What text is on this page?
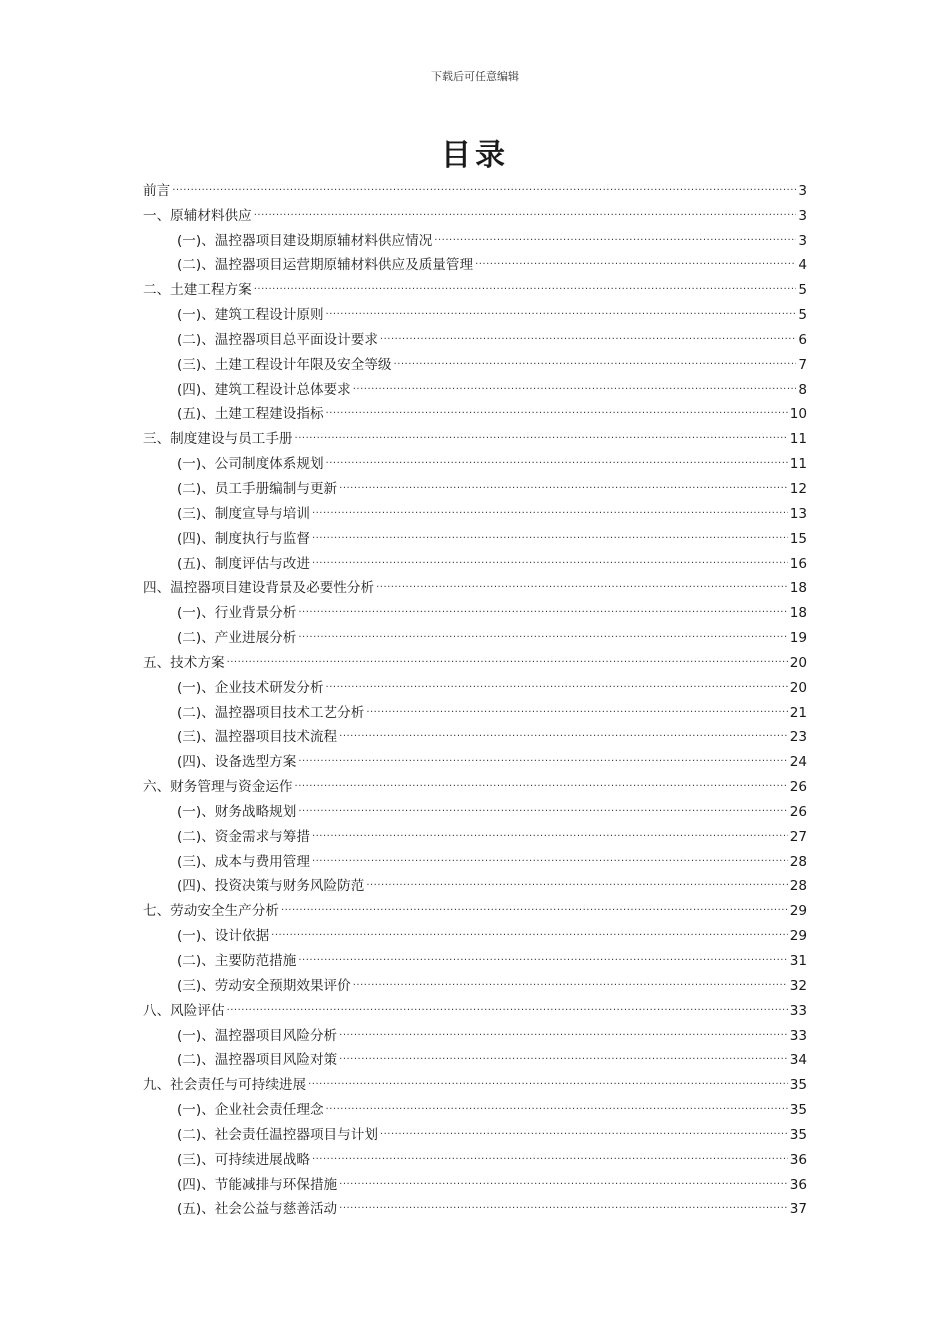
下载后可任意编辑
目录
前言 .....	3
一、原辅材料供应 .....	3
(一)、温控器项目建设期原辅材料供应情况 .....	3
(二)、温控器项目运营期原辅材料供应及质量管理 .....	4
二、土建工程方案 .....	5
(一)、建筑工程设计原则 .....	5
(二)、温控器项目总平面设计要求 .....	6
(三)、土建工程设计年限及安全等级 .....	7
(四)、建筑工程设计总体要求 .....	8
(五)、土建工程建设指标 .....	10
三、制度建设与员工手册 .....	11
(一)、公司制度体系规划 .....	11
(二)、员工手册编制与更新 .....	12
(三)、制度宣导与培训 .....	13
(四)、制度执行与监督 .....	15
(五)、制度评估与改进 .....	16
四、温控器项目建设背景及必要性分析 .....	18
(一)、行业背景分析 .....	18
(二)、产业进展分析 .....	19
五、技术方案 .....	20
(一)、企业技术研发分析 .....	20
(二)、温控器项目技术工艺分析 .....	21
(三)、温控器项目技术流程 .....	23
(四)、设备选型方案 .....	24
六、财务管理与资金运作 .....	26
(一)、财务战略规划 .....	26
(二)、资金需求与筹措 .....	27
(三)、成本与费用管理 .....	28
(四)、投资决策与财务风险防范 .....	28
七、劳动安全生产分析 .....	29
(一)、设计依据 .....	29
(二)、主要防范措施 .....	31
(三)、劳动安全预期效果评价 .....	32
八、风险评估 .....	33
(一)、温控器项目风险分析 .....	33
(二)、温控器项目风险对策 .....	34
九、社会责任与可持续进展 .....	35
(一)、企业社会责任理念 .....	35
(二)、社会责任温控器项目与计划 .....	35
(三)、可持续进展战略 .....	36
(四)、节能减排与环保措施 .....	36
(五)、社会公益与慈善活动 .....	37
